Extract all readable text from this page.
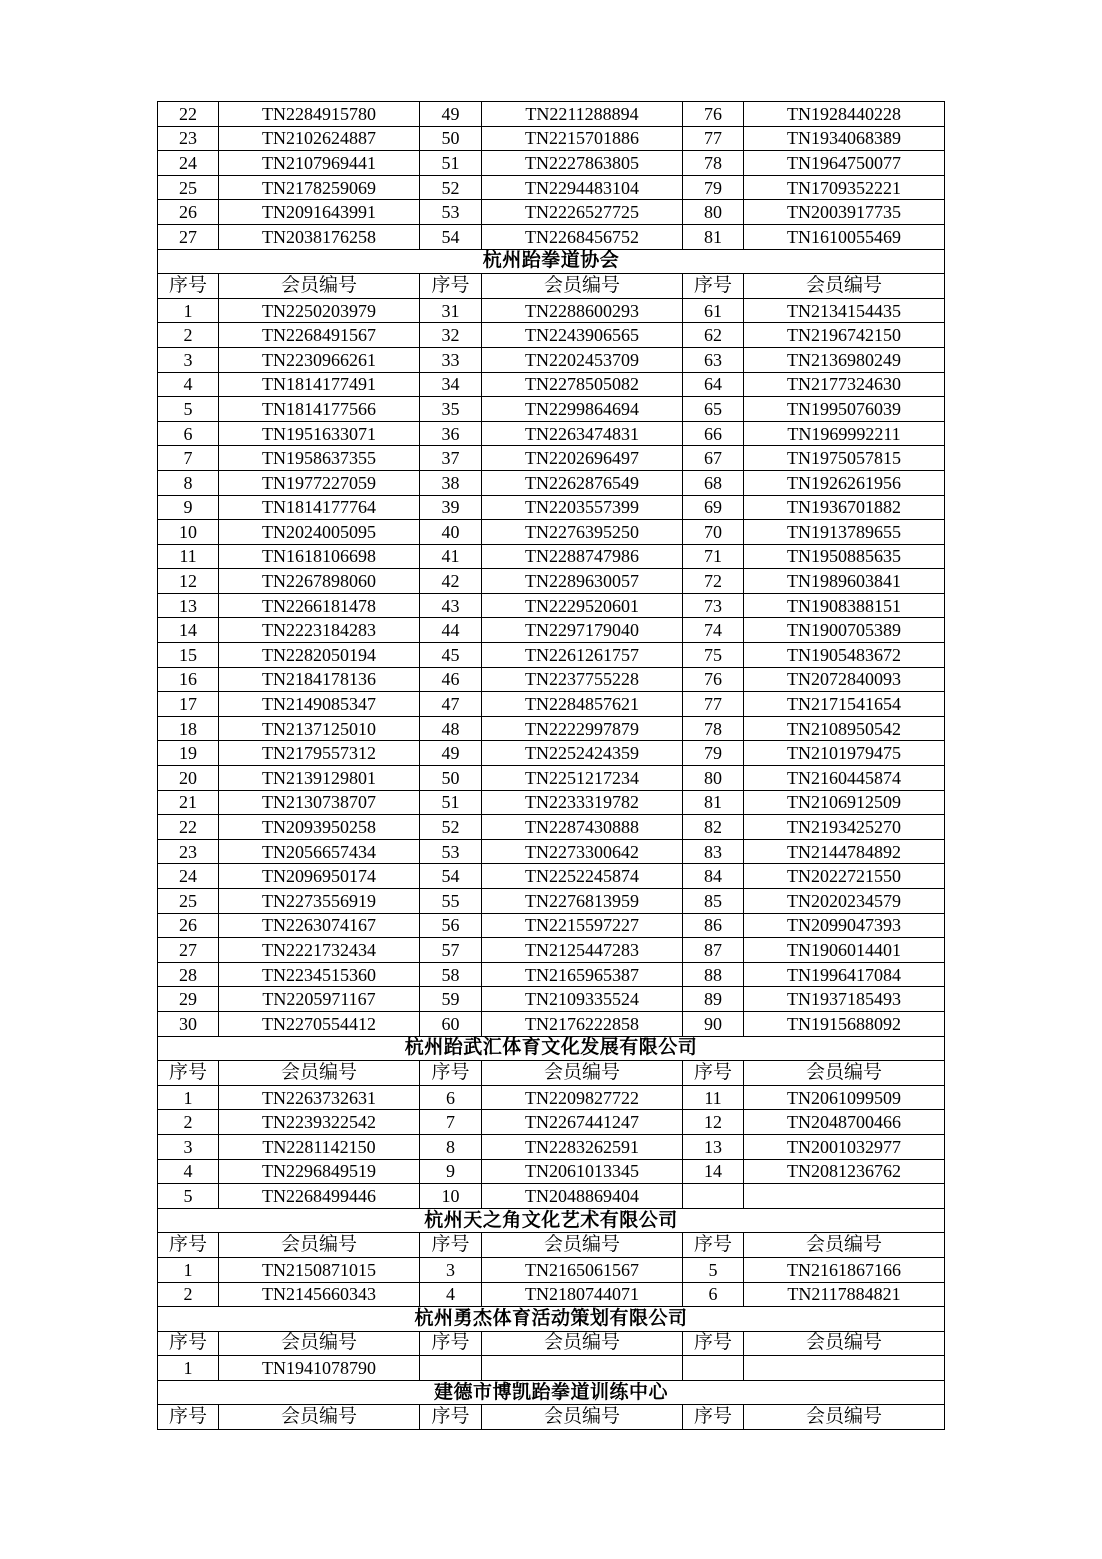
22	TN2284915780	49	TN2211288894	76	TN1928440228
23	TN2102624887	50	TN2215701886	77	TN1934068389
24	TN2107969441	51	TN2227863805	78	TN1964750077
25	TN2178259069	52	TN2294483104	79	TN1709352221
26	TN2091643991	53	TN2226527725	80	TN2003917735
27	TN2038176258	54	TN2268456752	81	TN1610055469
杭州跆拳道协会					
序号	会员编号	序号	会员编号	序号	会员编号
1	TN2250203979	31	TN2288600293	61	TN2134154435
2	TN2268491567	32	TN2243906565	62	TN2196742150
3	TN2230966261	33	TN2202453709	63	TN2136980249
4	TN1814177491	34	TN2278505082	64	TN2177324630
5	TN1814177566	35	TN2299864694	65	TN1995076039
6	TN1951633071	36	TN2263474831	66	TN1969992211
7	TN1958637355	37	TN2202696497	67	TN1975057815
8	TN1977227059	38	TN2262876549	68	TN1926261956
9	TN1814177764	39	TN2203557399	69	TN1936701882
10	TN2024005095	40	TN2276395250	70	TN1913789655
11	TN1618106698	41	TN2288747986	71	TN1950885635
12	TN2267898060	42	TN2289630057	72	TN1989603841
13	TN2266181478	43	TN2229520601	73	TN1908388151
14	TN2223184283	44	TN2297179040	74	TN1900705389
15	TN2282050194	45	TN2261261757	75	TN1905483672
16	TN2184178136	46	TN2237755228	76	TN2072840093
17	TN2149085347	47	TN2284857621	77	TN2171541654
18	TN2137125010	48	TN2222997879	78	TN2108950542
19	TN2179557312	49	TN2252424359	79	TN2101979475
20	TN2139129801	50	TN2251217234	80	TN2160445874
21	TN2130738707	51	TN2233319782	81	TN2106912509
22	TN2093950258	52	TN2287430888	82	TN2193425270
23	TN2056657434	53	TN2273300642	83	TN2144784892
24	TN2096950174	54	TN2252245874	84	TN2022721550
25	TN2273556919	55	TN2276813959	85	TN2020234579
26	TN2263074167	56	TN2215597227	86	TN2099047393
27	TN2221732434	57	TN2125447283	87	TN1906014401
28	TN2234515360	58	TN2165965387	88	TN1996417084
29	TN2205971167	59	TN2109335524	89	TN1937185493
30	TN2270554412	60	TN2176222858	90	TN1915688092
杭州跆武汇体育文化发展有限公司					
序号	会员编号	序号	会员编号	序号	会员编号
1	TN2263732631	6	TN2209827722	11	TN2061099509
2	TN2239322542	7	TN2267441247	12	TN2048700466
3	TN2281142150	8	TN2283262591	13	TN2001032977
4	TN2296849519	9	TN2061013345	14	TN2081236762
5	TN2268499446	10	TN2048869404		
杭州天之角文化艺术有限公司					
序号	会员编号	序号	会员编号	序号	会员编号
1	TN2150871015	3	TN2165061567	5	TN2161867166
2	TN2145660343	4	TN2180744071	6	TN2117884821
杭州勇杰体育活动策划有限公司					
序号	会员编号	序号	会员编号	序号	会员编号
1	TN1941078790				
建德市博凯跆拳道训练中心					
序号	会员编号	序号	会员编号	序号	会员编号
